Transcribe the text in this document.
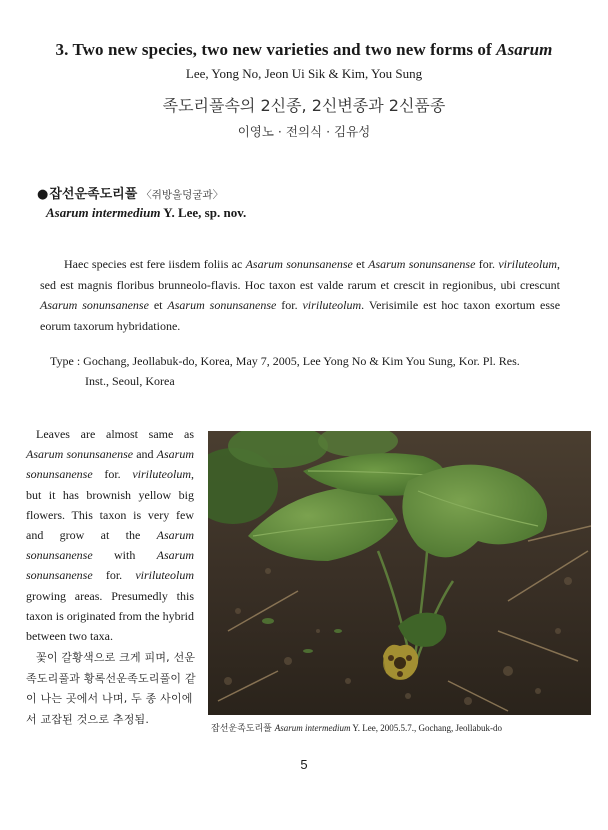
3. Two new species, two new varieties and two new forms of Asarum
Lee, Yong No, Jeon Ui Sik & Kim, You Sung
족도리풀속의 2신종, 2신변종과 2신품종
이영노 · 전의식 · 김유성
●잡선운족도리풀 〈쥐방울덩굴과〉
Asarum intermedium Y. Lee, sp. nov.
Haec species est fere iisdem foliis ac Asarum sonunsanense et Asarum sonunsanense for. viriluteolum, sed est magnis floribus brunneolo-flavis. Hoc taxon est valde rarum et crescit in regionibus, ubi crescunt Asarum sonunsanense et Asarum sonunsanense for. viriluteolum. Verisimile est hoc taxon exortum esse eorum taxorum hybridatione.
Type : Gochang, Jeollabuk-do, Korea, May 7, 2005, Lee Yong No & Kim You Sung, Kor. Pl. Res.
Inst., Seoul, Korea
Leaves are almost same as Asarum sonunsanense and Asarum sonunsanense for. viriluteolum, but it has brownish yellow big flowers. This taxon is very few and grow at the Asarum sonunsanense with Asarum sonunsanense for. viriluteolum growing areas. Presumedly this taxon is originated from the hybrid between two taxa.
꽃이 갈황색으로 크게 피며, 선운족도리풀과 황록선운족도리풀이 같이 나는 곳에서 나며, 두 종 사이에서 교잡된 것으로 추정됨.
잡선운족도리풀 Asarum intermedium Y. Lee, 2005.5.7., Gochang, Jeollabuk-do
5
